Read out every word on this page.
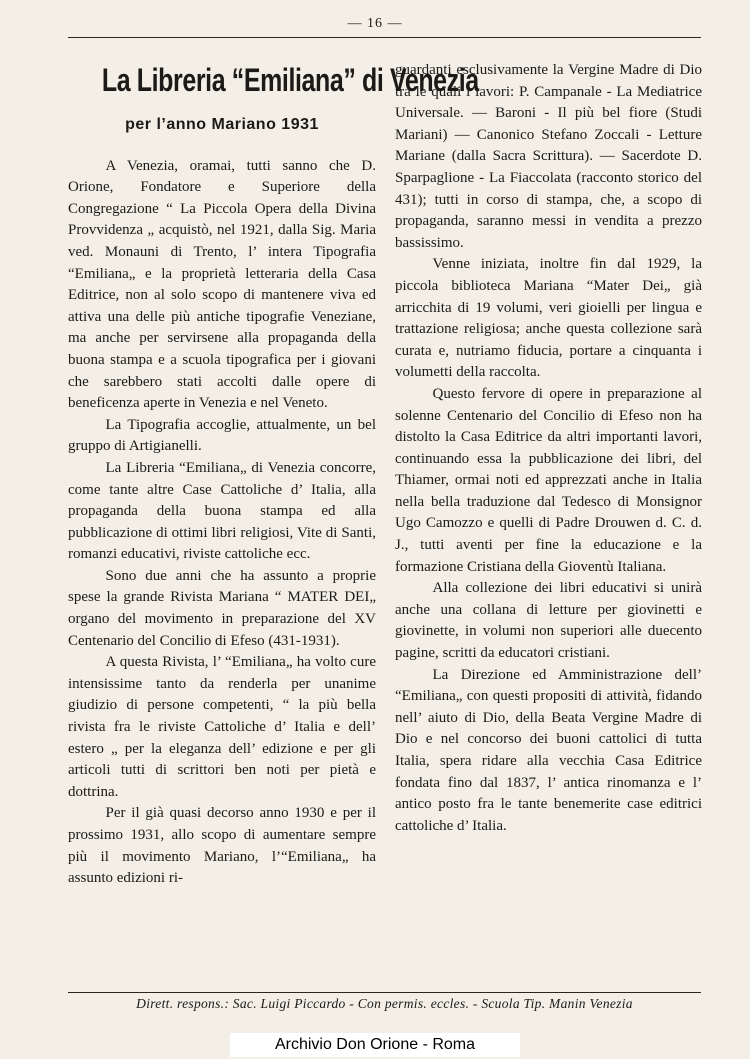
— 16 —
La Libreria “Emiliana” di Venezia
per l’anno Mariano 1931

A Venezia, oramai, tutti sanno che D. Orione, Fondatore e Superiore della Congregazione “ La Piccola Opera della Divina Provvidenza „ acquistò, nel 1921, dalla Sig. Maria ved. Monauni di Trento, l’ intera Tipografia “Emiliana„ e la proprietà letteraria della Casa Editrice, non al solo scopo di mantenere viva ed attiva una delle più antiche tipografie Veneziane, ma anche per servirsene alla propaganda della buona stampa e a scuola tipografica per i giovani che sarebbero stati accolti dalle opere di beneficenza aperte in Venezia e nel Veneto.

La Tipografia accoglie, attualmente, un bel gruppo di Artigianelli.

La Libreria “Emiliana„ di Venezia concorre, come tante altre Case Cattoliche d’ Italia, alla propaganda della buona stampa ed alla pubblicazione di ottimi libri religiosi, Vite di Santi, romanzi educativi, riviste cattoliche ecc.

Sono due anni che ha assunto a proprie spese la grande Rivista Mariana “ MATER DEI„ organo del movimento in preparazione del XV Centenario del Concilio di Efeso (431-1931).

A questa Rivista, l’ “Emiliana„ ha volto cure intensissime tanto da renderla per unanime giudizio di persone competenti, “ la più bella rivista fra le riviste Cattoliche d’ Italia e dell’ estero „ per la eleganza dell’ edizione e per gli articoli tutti di scrittori ben noti per pietà e dottrina.

Per il già quasi decorso anno 1930 e per il prossimo 1931, allo scopo di aumentare sempre più il movimento Mariano, l’“Emiliana„ ha assunto edizioni ri-

guardanti esclusivamente la Vergine Madre di Dio tra le quali i lavori: P. Campanale - La Mediatrice Universale. — Baroni - Il più bel fiore (Studi Mariani) — Canonico Stefano Zoccali - Letture Mariane (dalla Sacra Scrittura). — Sacerdote D. Sparpaglione - La Fiaccolata (racconto storico del 431); tutti in corso di stampa, che, a scopo di propaganda, saranno messi in vendita a prezzo bassissimo.

Venne iniziata, inoltre fin dal 1929, la piccola biblioteca Mariana “Mater Dei„ già arricchita di 19 volumi, veri gioielli per lingua e trattazione religiosa; anche questa collezione sarà curata e, nutriamo fiducia, portare a cinquanta i volumetti della raccolta.

Questo fervore di opere in preparazione al solenne Centenario del Concilio di Efeso non ha distolto la Casa Editrice da altri importanti lavori, continuando essa la pubblicazione dei libri, del Thiamer, ormai noti ed apprezzati anche in Italia nella bella traduzione dal Tedesco di Monsignor Ugo Camozzo e quelli di Padre Drouwen d. C. d. J., tutti aventi per fine la educazione e la formazione Cristiana della Gioventù Italiana.

Alla collezione dei libri educativi si unirà anche una collana di letture per giovinetti e giovinette, in volumi non superiori alle duecento pagine, scritti da educatori cristiani.

La Direzione ed Amministrazione dell’ “Emiliana„ con questi propositi di attività, fidando nell’ aiuto di Dio, della Beata Vergine Madre di Dio e nel concorso dei buoni cattolici di tutta Italia, spera ridare alla vecchia Casa Editrice fondata fino dal 1837, l’ antica rinomanza e l’ antico posto fra le tante benemerite case editrici cattoliche d’ Italia.

Dirett. respons.: Sac. Luigi Piccardo - Con permis. eccles. - Scuola Tip. Manin Venezia
Archivio Don Orione - Roma
